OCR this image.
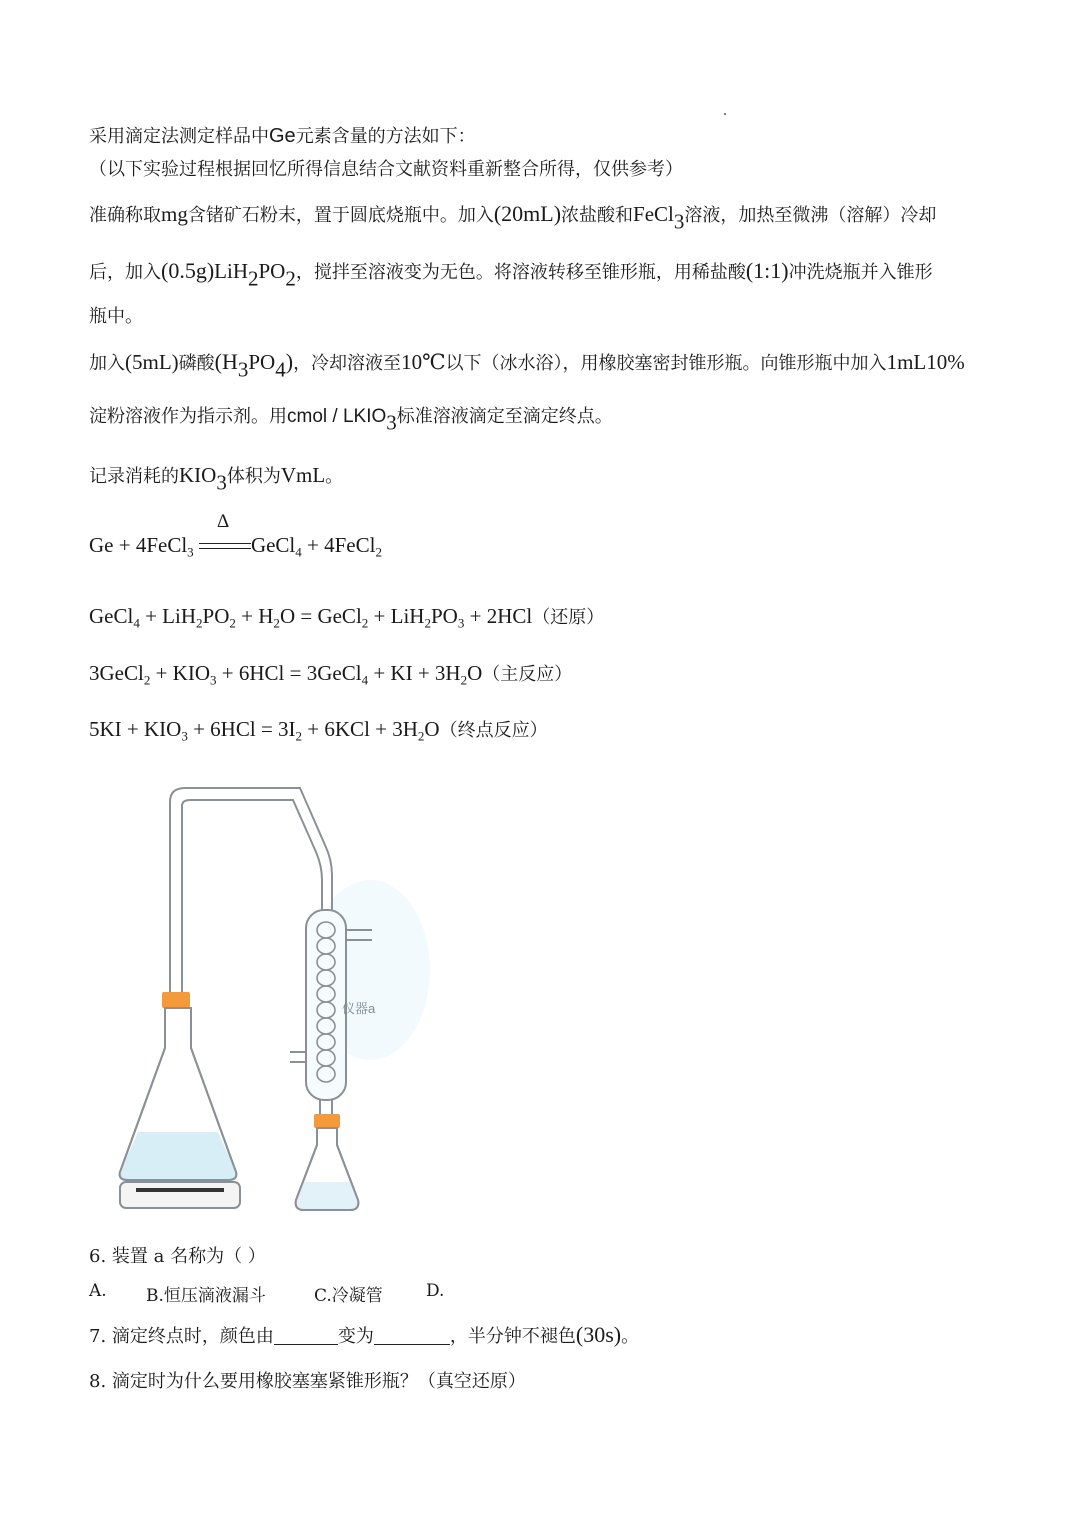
采用滴定法测定样品中Ge元素含量的方法如下：
（以下实验过程根据回忆所得信息结合文献资料重新整合所得，仅供参考）
准确称取mg含锗矿石粉末，置于圆底烧瓶中。加入(20mL)浓盐酸和FeCl$_3$溶液，加热至微沸（溶解）冷却
后，加入$(0.5g)LiH_2PO_2$，搅拌至溶液变为无色。将溶液转移至锥形瓶，用稀盐酸(1:1)冲洗烧瓶并入锥形
瓶中。
加入(5mL)磷酸$(H_3PO_4)$，冷却溶液至10℃以下（冰水浴），用橡胶塞密封锥形瓶。向锥形瓶中加入1mL10%
淀粉溶液作为指示剂。用cmol / $LKIO_3$标准溶液滴定至滴定终点。
记录消耗的$KIO_3$体积为VmL。
Ge + 4FeCl$_3$
Δ
GeCl$_4$ + 4FeCl$_2$
GeCl$_4$ + $LiH_2PO_2 + H_2O$ = GeCl$_2$ + $LiH_2PO_3 + 2HCl$（还原）
3GeCl$_2$ + $KIO_3 + 6HCl$ = 3GeCl$_4$ + KI + $3H_2O$（主反应）
$5KI + KIO_3 + 6HCl = 3I_2 + 6KCl + 3H_2O$（终点反应）
仪器a
6. 装置 a 名称为（ ）
A. B.恒压滴液漏斗	C.冷凝管	D.
7. 滴定终点时，颜色由	变为	，半分钟不褪色(30s)。
8. 滴定时为什么要用橡胶塞塞紧锥形瓶？（真空还原）
